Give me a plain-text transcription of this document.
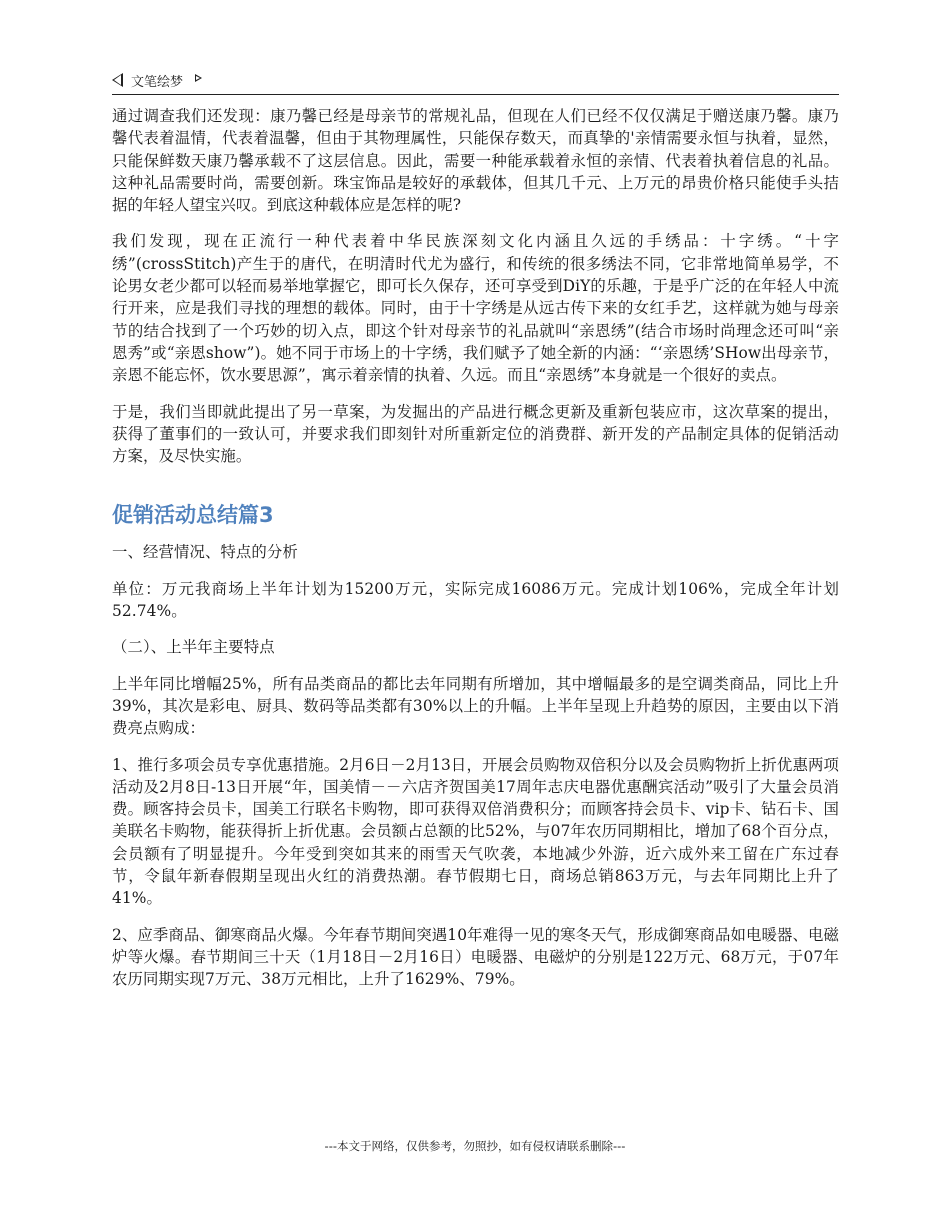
文笔绘梦

通过调查我们还发现：康乃馨已经是母亲节的常规礼品，但现在人们已经不仅仅满足于赠送康乃馨。康乃馨代表着温情，代表着温馨，但由于其物理属性，只能保存数天，而真挚的'亲情需要永恒与执着，显然，只能保鲜数天康乃馨承载不了这层信息。因此，需要一种能承载着永恒的亲情、代表着执着信息的礼品。这种礼品需要时尚，需要创新。珠宝饰品是较好的承载体，但其几千元、上万元的昂贵价格只能使手头拮据的年轻人望宝兴叹。到底这种载体应是怎样的呢?

我们发现，现在正流行一种代表着中华民族深刻文化内涵且久远的手绣品：十字绣。“十字绣”(crossStitch)产生于的唐代，在明清时代尤为盛行，和传统的很多绣法不同，它非常地简单易学，不论男女老少都可以轻而易举地掌握它，即可长久保存，还可享受到DiY的乐趣，于是乎广泛的在年轻人中流行开来，应是我们寻找的理想的载体。同时，由于十字绣是从远古传下来的女红手艺，这样就为她与母亲节的结合找到了一个巧妙的切入点，即这个针对母亲节的礼品就叫“亲恩绣”(结合市场时尚理念还可叫“亲恩秀”或“亲恩show”)。她不同于市场上的十字绣，我们赋予了她全新的内涵：“‘亲恩绣’SHow出母亲节，亲恩不能忘怀，饮水要思源”，寓示着亲情的执着、久远。而且“亲恩绣”本身就是一个很好的卖点。

于是，我们当即就此提出了另一草案，为发掘出的产品进行概念更新及重新包装应市，这次草案的提出，获得了董事们的一致认可，并要求我们即刻针对所重新定位的消费群、新开发的产品制定具体的促销活动方案，及尽快实施。

促销活动总结篇3

一、经营情况、特点的分析

单位：万元我商场上半年计划为15200万元，实际完成16086万元。完成计划106%，完成全年计划52.74%。

（二）、上半年主要特点

上半年同比增幅25%，所有品类商品的都比去年同期有所增加，其中增幅最多的是空调类商品，同比上升39%，其次是彩电、厨具、数码等品类都有30%以上的升幅。上半年呈现上升趋势的原因，主要由以下消费亮点购成：

1、推行多项会员专享优惠措施。2月6日－2月13日，开展会员购物双倍积分以及会员购物折上折优惠两项活动及2月8日-13日开展“年，国美情－－六店齐贺国美17周年志庆电器优惠酬宾活动”吸引了大量会员消费。顾客持会员卡，国美工行联名卡购物，即可获得双倍消费积分；而顾客持会员卡、vip卡、钻石卡、国美联名卡购物，能获得折上折优惠。会员额占总额的比52%，与07年农历同期相比，增加了68个百分点，会员额有了明显提升。今年受到突如其来的雨雪天气吹袭，本地减少外游，近六成外来工留在广东过春节，令鼠年新春假期呈现出火红的消费热潮。春节假期七日，商场总销863万元，与去年同期比上升了41%。

2、应季商品、御寒商品火爆。今年春节期间突遇10年难得一见的寒冬天气，形成御寒商品如电暖器、电磁炉等火爆。春节期间三十天（1月18日－2月16日）电暖器、电磁炉的分别是122万元、68万元，于07年农历同期实现7万元、38万元相比，上升了1629%、79%。

---本文于网络，仅供参考，勿照抄，如有侵权请联系删除---
